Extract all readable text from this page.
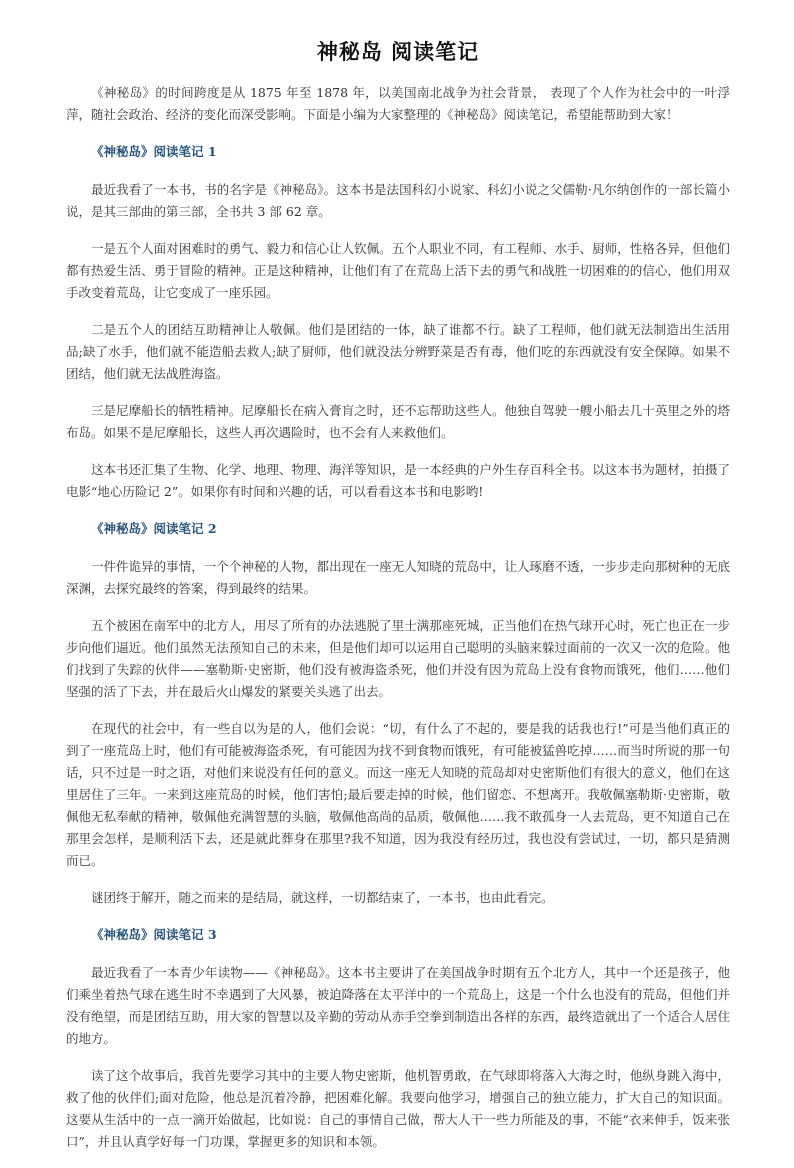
神秘岛 阅读笔记

《神秘岛》的时间跨度是从 1875 年至 1878 年，以美国南北战争为社会背景， 表现了个人作为社会中的一叶浮萍，随社会政治、经济的变化而深受影响。下面是小编为大家整理的《神秘岛》阅读笔记，希望能帮助到大家！

《神秘岛》阅读笔记 1

最近我看了一本书，书的名字是《神秘岛》。这本书是法国科幻小说家、科幻小说之父儒勒·凡尔纳创作的一部长篇小说，是其三部曲的第三部，全书共 3 部 62 章。

一是五个人面对困难时的勇气、毅力和信心让人钦佩。五个人职业不同，有工程师、水手、厨师，性格各异，但他们都有热爱生活、勇于冒险的精神。正是这种精神，让他们有了在荒岛上活下去的勇气和战胜一切困难的的信心，他们用双手改变着荒岛，让它变成了一座乐园。

二是五个人的团结互助精神让人敬佩。他们是团结的一体，缺了谁都不行。缺了工程师，他们就无法制造出生活用品;缺了水手，他们就不能造船去救人;缺了厨师，他们就没法分辨野菜是否有毒，他们吃的东西就没有安全保障。如果不团结，他们就无法战胜海盗。

三是尼摩船长的牺牲精神。尼摩船长在病入膏肓之时，还不忘帮助这些人。他独自驾驶一艘小船去几十英里之外的塔布岛。如果不是尼摩船长，这些人再次遇险时，也不会有人来救他们。

这本书还汇集了生物、化学、地理、物理、海洋等知识，是一本经典的户外生存百科全书。以这本书为题材，拍摄了电影“地心历险记 2”。如果你有时间和兴趣的话，可以看看这本书和电影哟!

《神秘岛》阅读笔记 2

一件件诡异的事情，一个个神秘的人物，都出现在一座无人知晓的荒岛中，让人琢磨不透，一步步走向那树种的无底深渊，去探究最终的答案，得到最终的结果。

五个被困在南军中的北方人，用尽了所有的办法逃脱了里士满那座死城，正当他们在热气球开心时，死亡也正在一步步向他们逼近。他们虽然无法预知自己的未来，但是他们却可以运用自己聪明的头脑来躲过面前的一次又一次的危险。他们找到了失踪的伙伴——塞勒斯·史密斯，他们没有被海盗杀死，他们并没有因为荒岛上没有食物而饿死，他们……他们坚强的活了下去，并在最后火山爆发的紧要关头逃了出去。

在现代的社会中，有一些自以为是的人，他们会说：“切，有什么了不起的，要是我的话我也行!”可是当他们真正的到了一座荒岛上时，他们有可能被海盗杀死，有可能因为找不到食物而饿死，有可能被猛兽吃掉……而当时所说的那一句话，只不过是一时之语，对他们来说没有任何的意义。而这一座无人知晓的荒岛却对史密斯他们有很大的意义，他们在这里居住了三年。一来到这座荒岛的时候，他们害怕;最后要走掉的时候，他们留恋、不想离开。我敬佩塞勒斯·史密斯，敬佩他无私奉献的精神，敬佩他充满智慧的头脑，敬佩他高尚的品质，敬佩他……我不敢孤身一人去荒岛，更不知道自己在那里会怎样，是顺利活下去，还是就此葬身在那里?我不知道，因为我没有经历过，我也没有尝试过，一切，都只是猜测而已。

谜团终于解开，随之而来的是结局，就这样，一切都结束了，一本书，也由此看完。

《神秘岛》阅读笔记 3

最近我看了一本青少年读物——《神秘岛》。这本书主要讲了在美国战争时期有五个北方人，其中一个还是孩子，他们乘坐着热气球在逃生时不幸遇到了大风暴，被迫降落在太平洋中的一个荒岛上，这是一个什么也没有的荒岛，但他们并没有绝望，而是团结互助，用大家的智慧以及辛勤的劳动从赤手空拳到制造出各样的东西，最终造就出了一个适合人居住的地方。

读了这个故事后，我首先要学习其中的主要人物史密斯，他机智勇敢，在气球即将落入大海之时，他纵身跳入海中，救了他的伙伴们;面对危险，他总是沉着冷静，把困难化解。我要向他学习，增强自己的独立能力，扩大自己的知识面。这要从生活中的一点一滴开始做起，比如说：自己的事情自己做，帮大人干一些力所能及的事，不能“衣来伸手，饭来张口”，并且认真学好每一门功课，掌握更多的知识和本领。
